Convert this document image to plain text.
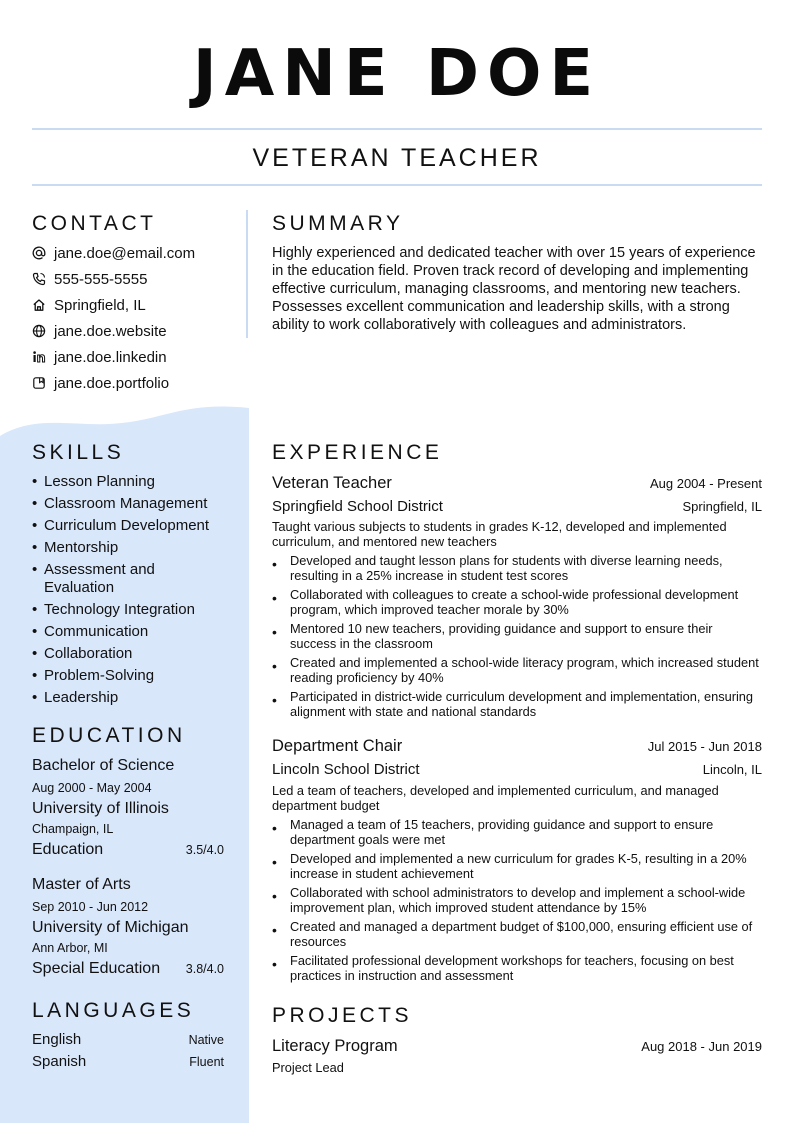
JANE DOE
VETERAN TEACHER
CONTACT
jane.doe@email.com
555-555-5555
Springfield, IL
jane.doe.website
jane.doe.linkedin
jane.doe.portfolio
SKILLS
• Lesson Planning
• Classroom Management
• Curriculum Development
• Mentorship
• Assessment and Evaluation
• Technology Integration
• Communication
• Collaboration
• Problem-Solving
• Leadership
EDUCATION
Bachelor of Science
Aug 2000 - May 2004
University of Illinois
Champaign, IL
Education	3.5/4.0
Master of Arts
Sep 2010 - Jun 2012
University of Michigan
Ann Arbor, MI
Special Education 3.8/4.0
LANGUAGES
English	Native
Spanish	Fluent
SUMMARY
Highly experienced and dedicated teacher with over 15 years of experience in the education field. Proven track record of developing and implementing effective curriculum, managing classrooms, and mentoring new teachers. Possesses excellent communication and leadership skills, with a strong ability to work collaboratively with colleagues and administrators.
EXPERIENCE
Veteran Teacher	Aug 2004 - Present
Springfield School District	Springfield, IL
Taught various subjects to students in grades K-12, developed and implemented curriculum, and mentored new teachers
•	Developed and taught lesson plans for students with diverse learning needs, resulting in a 25% increase in student test scores
•	Collaborated with colleagues to create a school-wide professional development program, which improved teacher morale by 30%
•	Mentored 10 new teachers, providing guidance and support to ensure their success in the classroom
•	Created and implemented a school-wide literacy program, which increased student reading proficiency by 40%
•	Participated in district-wide curriculum development and implementation, ensuring alignment with state and national standards
Department Chair	Jul 2015 - Jun 2018
Lincoln School District	Lincoln, IL
Led a team of teachers, developed and implemented curriculum, and managed department budget
•	Managed a team of 15 teachers, providing guidance and support to ensure department goals were met
•	Developed and implemented a new curriculum for grades K-5, resulting in a 20% increase in student achievement
•	Collaborated with school administrators to develop and implement a school-wide improvement plan, which improved student attendance by 15%
•	Created and managed a department budget of $100,000, ensuring efficient use of resources
•	Facilitated professional development workshops for teachers, focusing on best practices in instruction and assessment
PROJECTS
Literacy Program	Aug 2018 - Jun 2019
Project Lead
